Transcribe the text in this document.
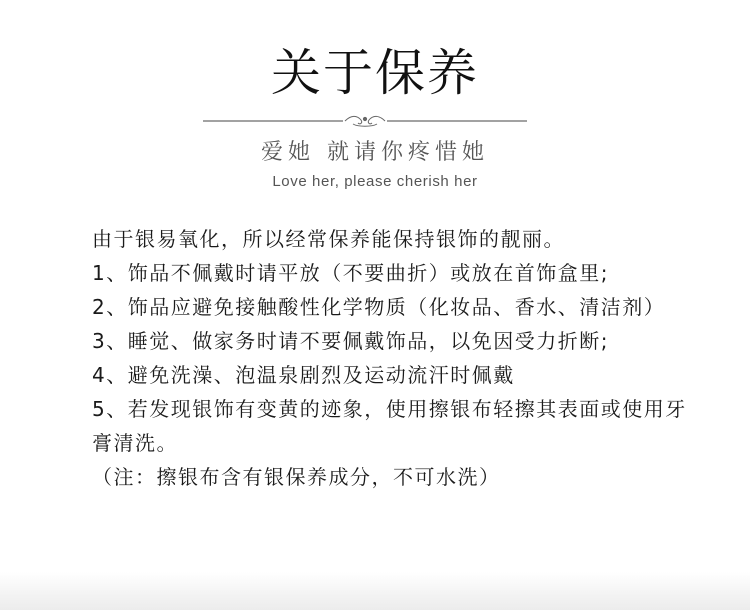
关于保养
爱她 就请你疼惜她
Love her, please cherish her

由于银易氧化，所以经常保养能保持银饰的靓丽。

1、饰品不佩戴时请平放（不要曲折）或放在首饰盒里;

2、饰品应避免接触酸性化学物质（化妆品、香水、清洁剂）

3、睡觉、做家务时请不要佩戴饰品，以免因受力折断;

4、避免洗澡、泡温泉剧烈及运动流汗时佩戴

5、若发现银饰有变黄的迹象，使用擦银布轻擦其表面或使用牙膏清洗。

（注：擦银布含有银保养成分，不可水洗）
